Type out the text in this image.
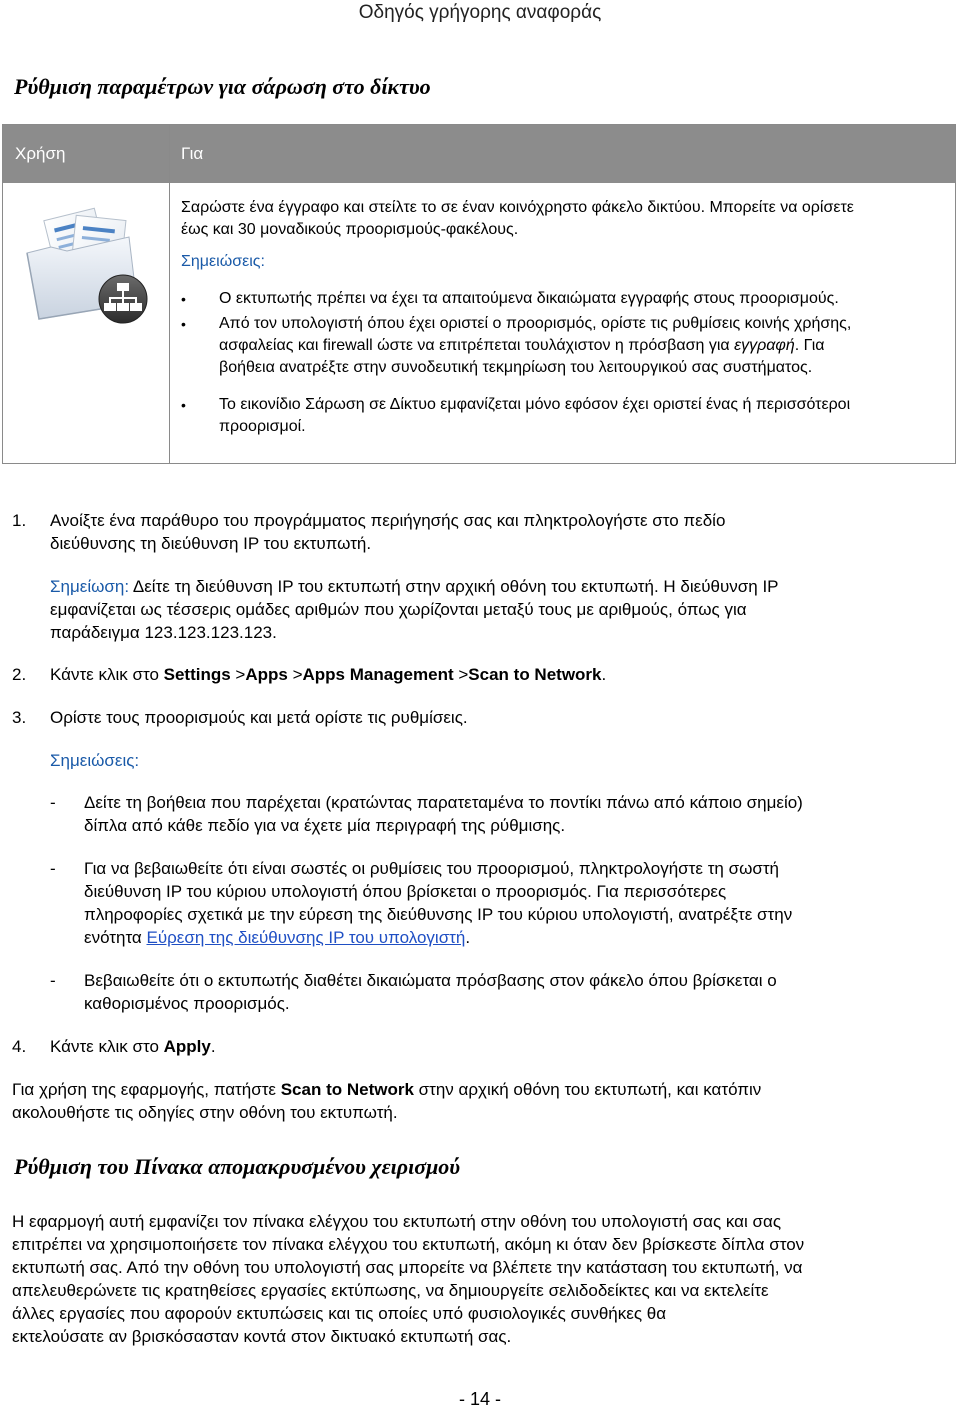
Οδηγός γρήγορης αναφοράς
Ρύθμιση παραμέτρων για σάρωση στο δίκτυο
Χρήση	Για

Σαρώστε ένα έγγραφο και στείλτε το σε έναν κοινόχρηστο φάκελο δικτύου. Μπορείτε να ορίσετε

έως και 30 μοναδικούς προορισμούς-φακέλους.

Σημειώσεις:

• Ο εκτυπωτής πρέπει να έχει τα απαιτούμενα δικαιώματα εγγραφής στους προορισμούς.
• Από τον υπολογιστή όπου έχει οριστεί ο προορισμός, ορίστε τις ρυθμίσεις κοινής χρήσης,
ασφαλείας και firewall ώστε να επιτρέπεται τουλάχιστον η πρόσβαση για εγγραφή. Για
βοήθεια ανατρέξτε στην συνοδευτική τεκμηρίωση του λειτουργικού σας συστήματος.
• Το εικονίδιο Σάρωση σε Δίκτυο εμφανίζεται μόνο εφόσον έχει οριστεί ένας ή περισσότεροι
προορισμοί.
1. Ανοίξτε ένα παράθυρο του προγράμματος περιήγησής σας και πληκτρολογήστε στο πεδίο
διεύθυνσης τη διεύθυνση IP του εκτυπωτή.
Σημείωση: Δείτε τη διεύθυνση IP του εκτυπωτή στην αρχική οθόνη του εκτυπωτή. Η διεύθυνση IP
εμφανίζεται ως τέσσερις ομάδες αριθμών που χωρίζονται μεταξύ τους με αριθμούς, όπως για
παράδειγμα 123.123.123.123.
2. Κάντε κλικ στο Settings >Apps >Apps Management >Scan to Network.
3. Ορίστε τους προορισμούς και μετά ορίστε τις ρυθμίσεις.
Σημειώσεις:
- Δείτε τη βοήθεια που παρέχεται (κρατώντας παρατεταμένα το ποντίκι πάνω από κάποιο σημείο)
δίπλα από κάθε πεδίο για να έχετε μία περιγραφή της ρύθμισης.
- Για να βεβαιωθείτε ότι είναι σωστές οι ρυθμίσεις του προορισμού, πληκτρολογήστε τη σωστή
διεύθυνση IP του κύριου υπολογιστή όπου βρίσκεται ο προορισμός. Για περισσότερες
πληροφορίες σχετικά με την εύρεση της διεύθυνσης IP του κύριου υπολογιστή, ανατρέξτε στην
ενότητα Εύρεση της διεύθυνσης IP του υπολογιστή.
- Βεβαιωθείτε ότι ο εκτυπωτής διαθέτει δικαιώματα πρόσβασης στον φάκελο όπου βρίσκεται ο
καθορισμένος προορισμός.
4. Κάντε κλικ στο Apply.
Για χρήση της εφαρμογής, πατήστε Scan to Network στην αρχική οθόνη του εκτυπωτή, και κατόπιν
ακολουθήστε τις οδηγίες στην οθόνη του εκτυπωτή.
Ρύθμιση του Πίνακα απομακρυσμένου χειρισμού
Η εφαρμογή αυτή εμφανίζει τον πίνακα ελέγχου του εκτυπωτή στην οθόνη του υπολογιστή σας και σας
επιτρέπει να χρησιμοποιήσετε τον πίνακα ελέγχου του εκτυπωτή, ακόμη κι όταν δεν βρίσκεστε δίπλα στον
εκτυπωτή σας. Από την οθόνη του υπολογιστή σας μπορείτε να βλέπετε την κατάσταση του εκτυπωτή, να
απελευθερώνετε τις κρατηθείσες εργασίες εκτύπωσης, να δημιουργείτε σελιδοδείκτες και να εκτελείτε
άλλες εργασίες που αφορούν εκτυπώσεις και τις οποίες υπό φυσιολογικές συνθήκες θα
εκτελούσατε αν βρισκόσασταν κοντά στον δικτυακό εκτυπωτή σας.
- 14 -
